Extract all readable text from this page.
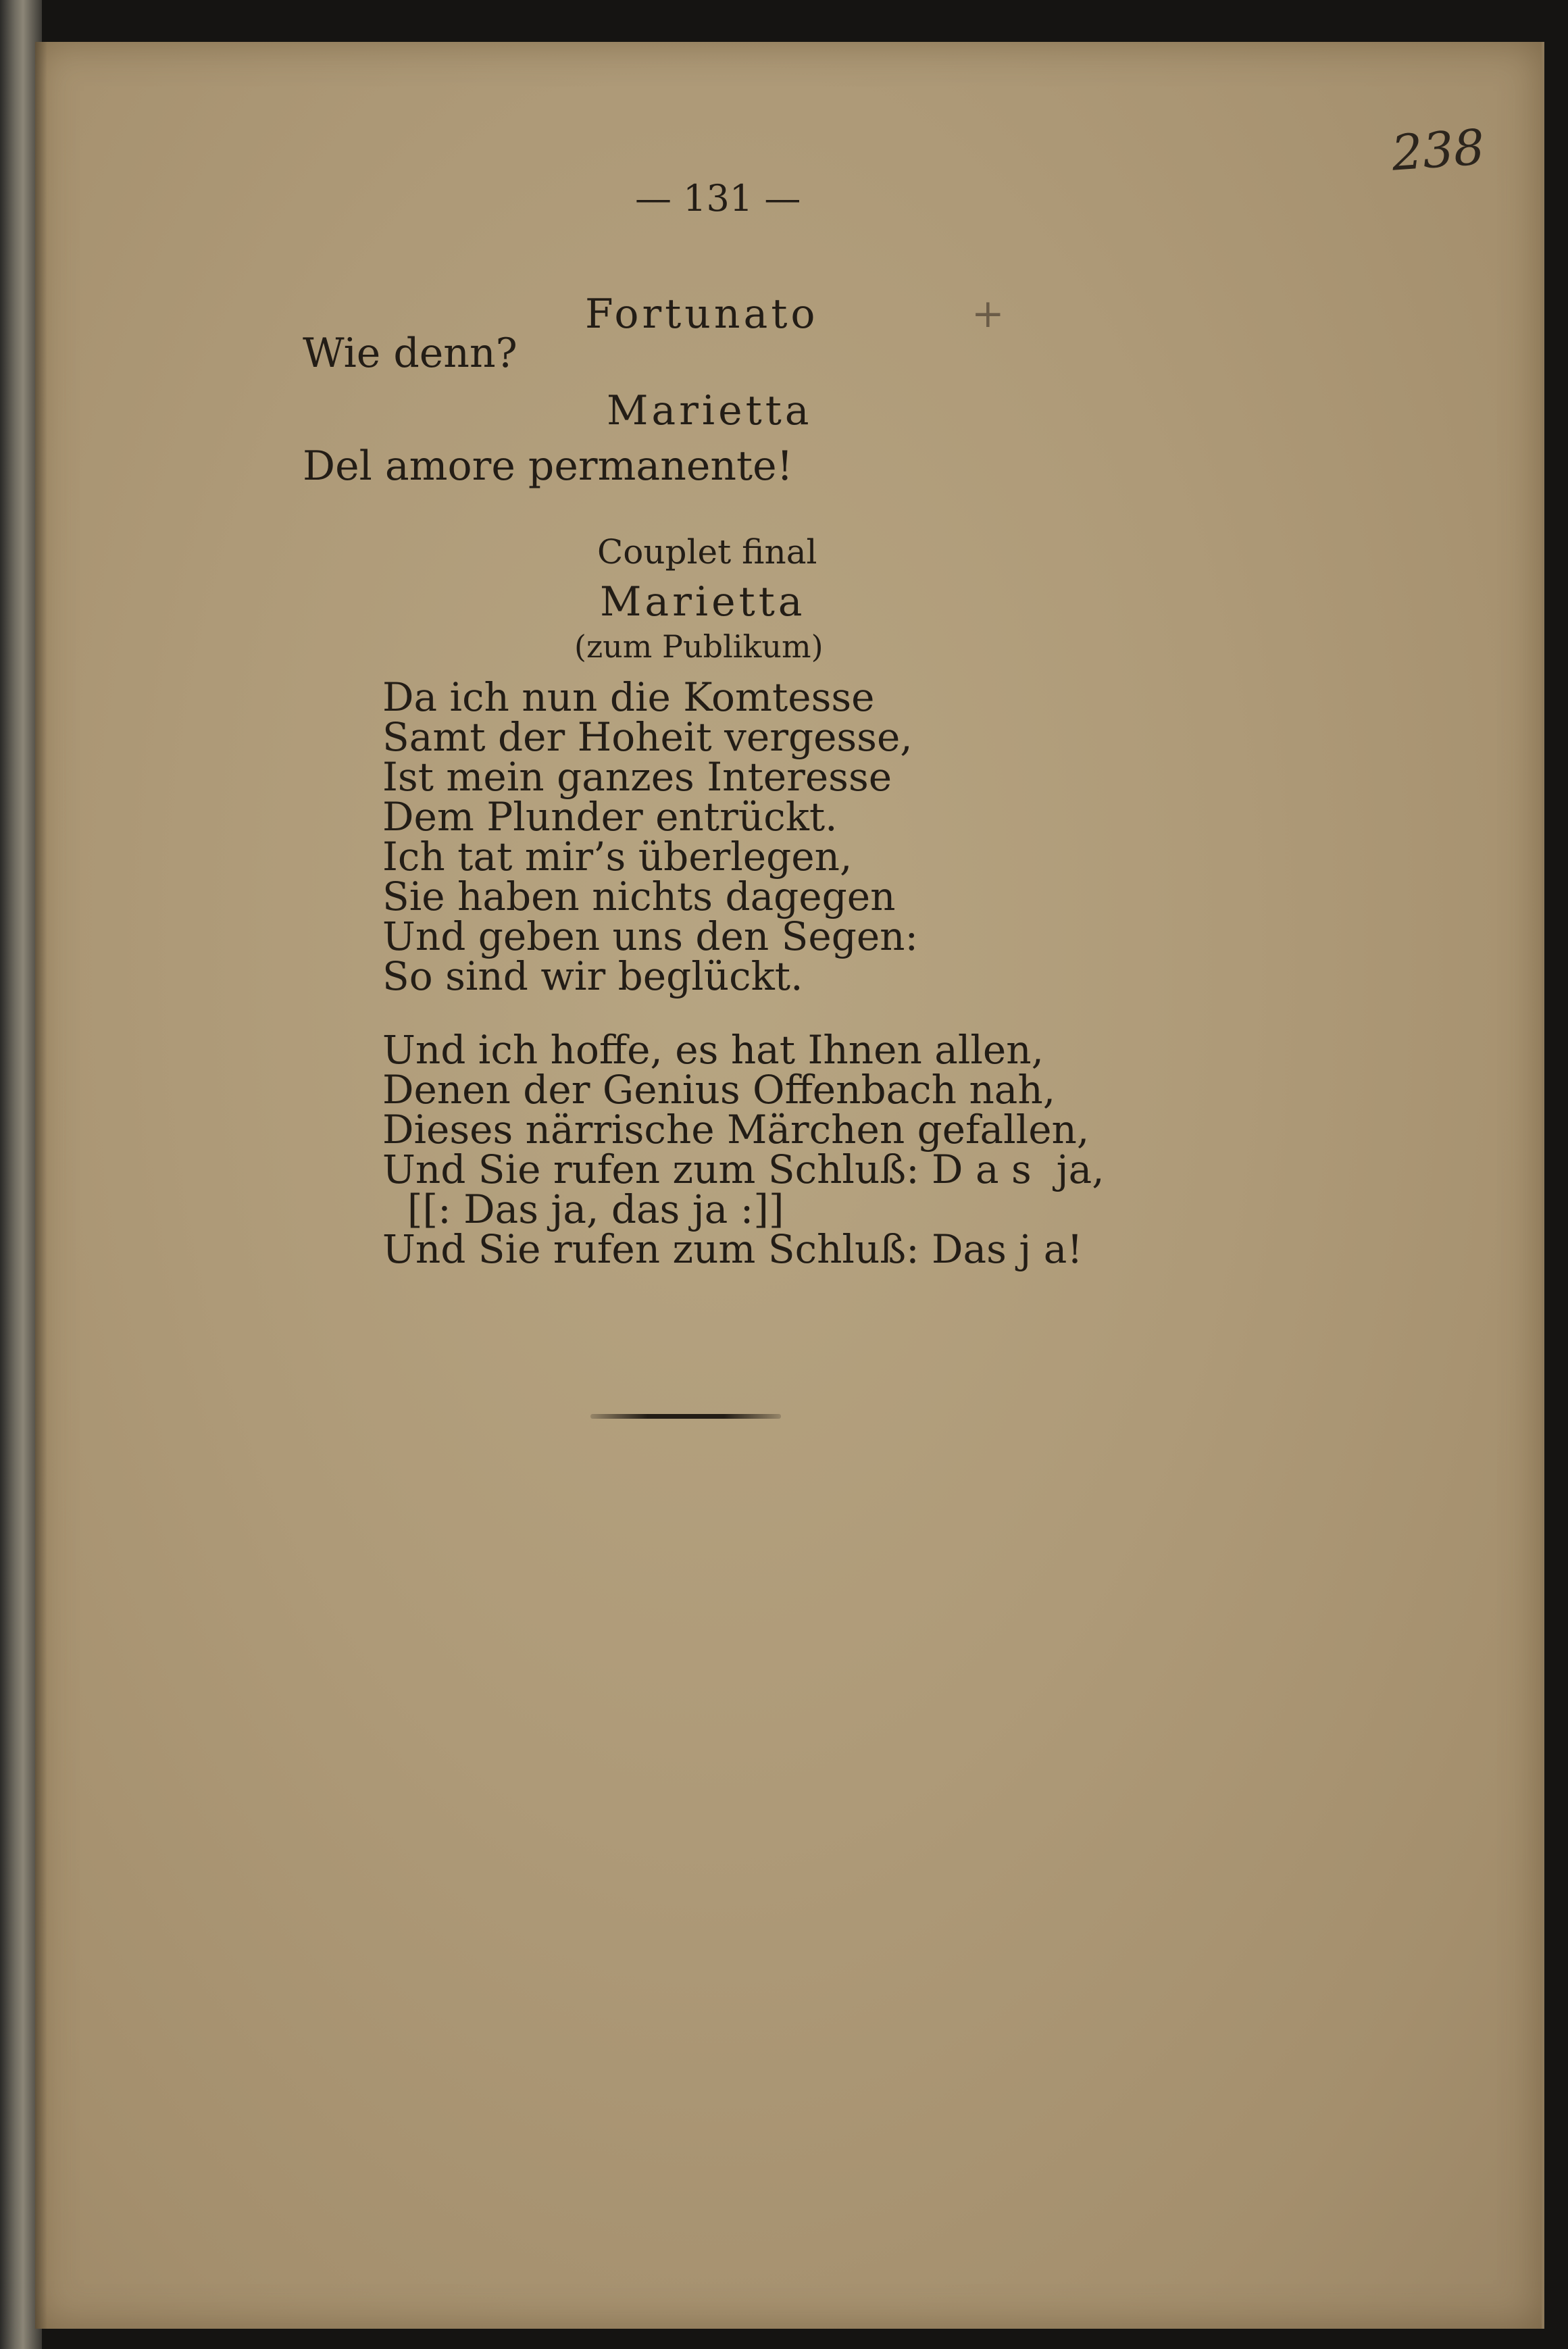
— 131 —
238
+
Fortunato
Wie denn?
Marietta
Del amore permanente!
Couplet final
Marietta
(zum Publikum)
Da ich nun die Komtesse
Samt der Hoheit vergesse,
Ist mein ganzes Interesse
Dem Plunder entrückt.
Ich tat mir’s überlegen,
Sie haben nichts dagegen
Und geben uns den Segen:
So sind wir beglückt.
Und ich hoffe, es hat Ihnen allen,
Denen der Genius Offenbach nah,
Dieses närrische Märchen gefallen,
Und Sie rufen zum Schluß: D a s  ja,
[[: Das ja, das ja :]]
Und Sie rufen zum Schluß: Das j a!
